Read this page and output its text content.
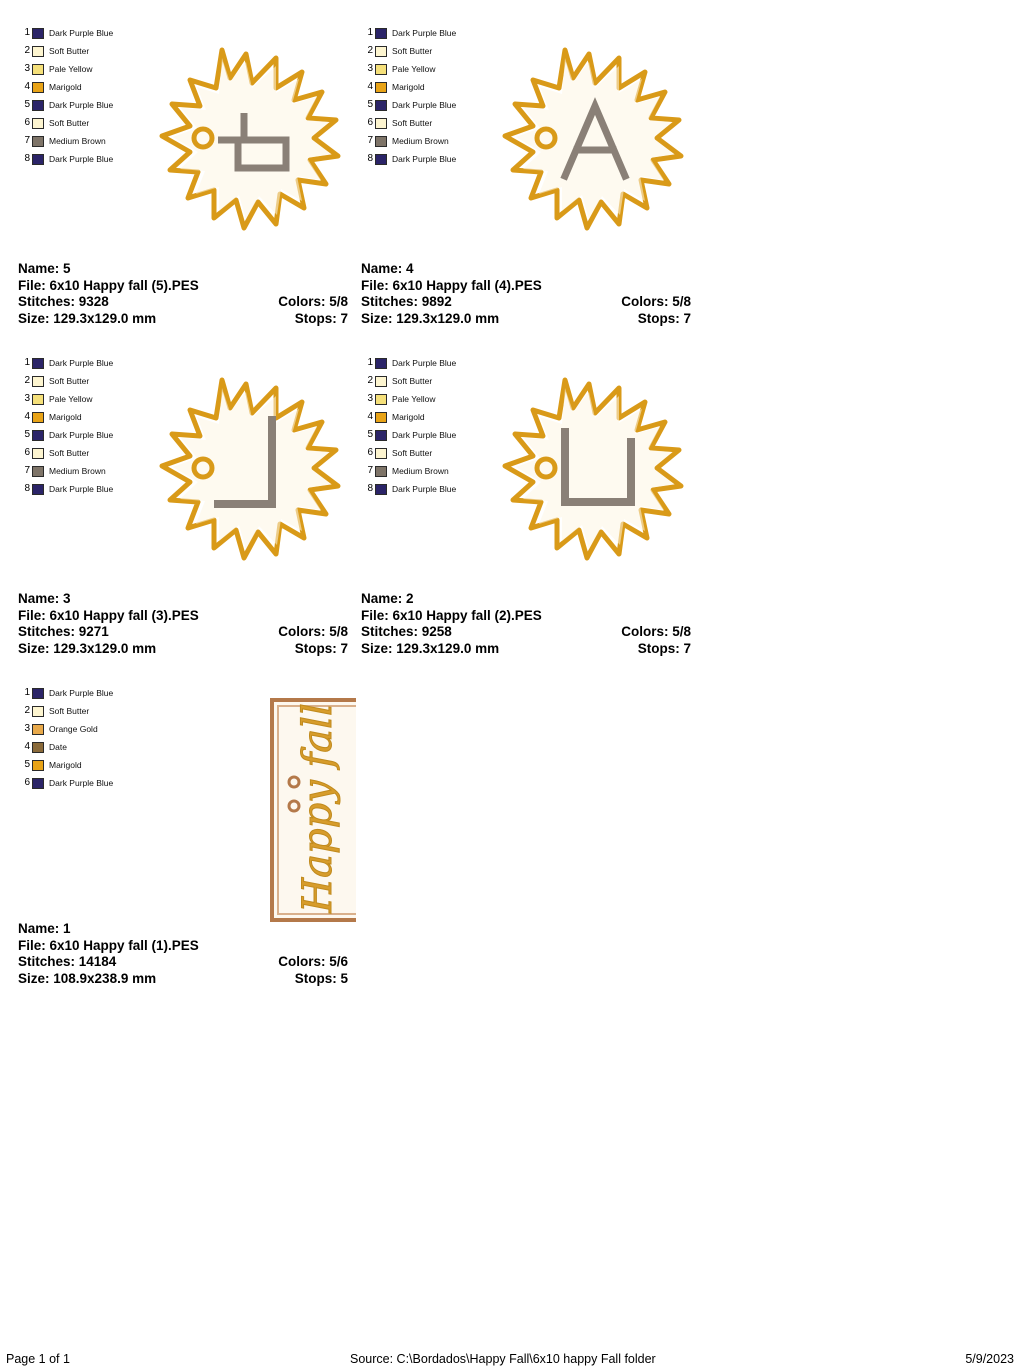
1 Dark Purple Blue
2 Soft Butter
3 Pale Yellow
4 Marigold
5 Dark Purple Blue
6 Soft Butter
7 Medium Brown
8 Dark Purple Blue
Name: 5
File: 6x10 Happy fall (5).PES
Stitches: 9328	Colors: 5/8
Size: 129.3x129.0 mm	Stops: 7
1 Dark Purple Blue
2 Soft Butter
3 Pale Yellow
4 Marigold
5 Dark Purple Blue
6 Soft Butter
7 Medium Brown
8 Dark Purple Blue
Name: 4
File: 6x10 Happy fall (4).PES
Stitches: 9892	Colors: 5/8
Size: 129.3x129.0 mm	Stops: 7
1 Dark Purple Blue
2 Soft Butter
3 Pale Yellow
4 Marigold
5 Dark Purple Blue
6 Soft Butter
7 Medium Brown
8 Dark Purple Blue
Name: 3
File: 6x10 Happy fall (3).PES
Stitches: 9271	Colors: 5/8
Size: 129.3x129.0 mm	Stops: 7
1 Dark Purple Blue
2 Soft Butter
3 Pale Yellow
4 Marigold
5 Dark Purple Blue
6 Soft Butter
7 Medium Brown
8 Dark Purple Blue
Name: 2
File: 6x10 Happy fall (2).PES
Stitches: 9258	Colors: 5/8
Size: 129.3x129.0 mm	Stops: 7
1 Dark Purple Blue
2 Soft Butter
3 Orange Gold
4 Date
5 Marigold
6 Dark Purple Blue	Happy fall
Name: 1
File: 6x10 Happy fall (1).PES
Stitches: 14184	Colors: 5/6
Size: 108.9x238.9 mm	Stops: 5
Page 1 of 1	Source: C:\Bordados\Happy Fall\6x10 happy Fall folder	5/9/2023
